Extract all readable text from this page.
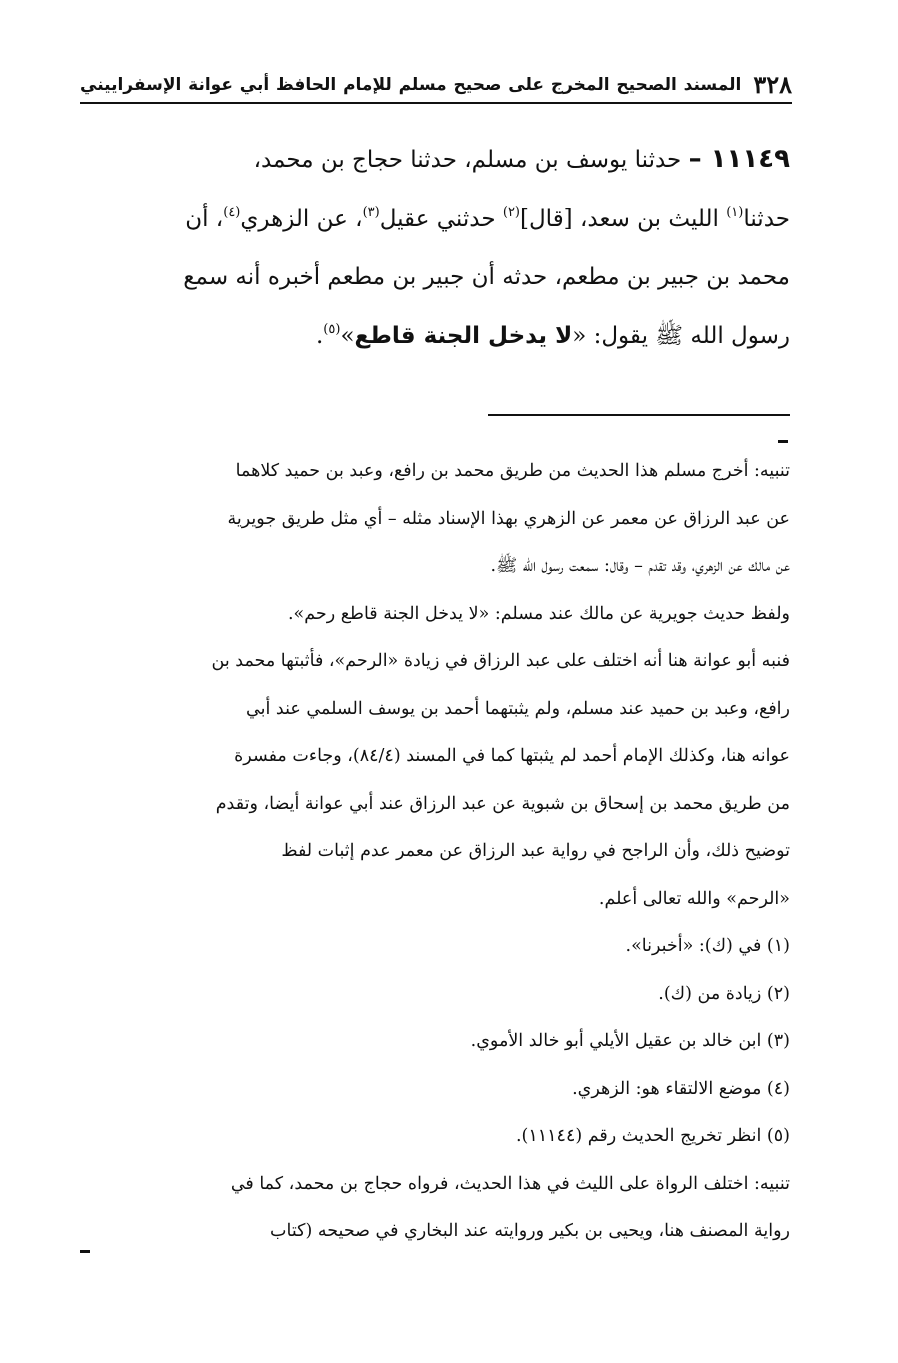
٣٢٨
المسند الصحيح المخرج على صحيح مسلم للإمام الحافظ أبي عوانة الإسفراييني

١١١٤٩ – حدثنا يوسف بن مسلم، حدثنا حجاج بن محمد،

حدثنا$^{(١)}$ الليث بن سعد، [قال]$^{(٢)}$ حدثني عقيل$^{(٣)}$، عن الزهري$^{(٤)}$، أن

محمد بن جبير بن مطعم، حدثه أن جبير بن مطعم أخبره أنه سمع

رسول الله ﷺ يقول: «لا يدخل الجنة قاطع»$^{(٥)}$.

تنبيه: أخرج مسلم هذا الحديث من طريق محمد بن رافع، وعبد بن حميد كلاهما

عن عبد الرزاق عن معمر عن الزهري بهذا الإسناد مثله – أي مثل طريق جويرية

عن مالك عن الزهري، وقد تقدم – وقال: سمعت رسول الله ﷺ.

ولفظ حديث جويرية عن مالك عند مسلم: «لا يدخل الجنة قاطع رحم».

فنبه أبو عوانة هنا أنه اختلف على عبد الرزاق في زيادة «الرحم»، فأثبتها محمد بن

رافع، وعبد بن حميد عند مسلم، ولم يثبتهما أحمد بن يوسف السلمي عند أبي

عوانه هنا، وكذلك الإمام أحمد لم يثبتها كما في المسند (٨٤/٤)، وجاءت مفسرة

من طريق محمد بن إسحاق بن شبوية عن عبد الرزاق عند أبي عوانة أيضا، وتقدم

توضيح ذلك، وأن الراجح في رواية عبد الرزاق عن معمر عدم إثبات لفظ

«الرحم» والله تعالى أعلم.

(١) في (ك): «أخبرنا».

(٢) زيادة من (ك).

(٣) ابن خالد بن عقيل الأيلي أبو خالد الأموي.

(٤) موضع الالتقاء هو: الزهري.

(٥) انظر تخريج الحديث رقم (١١١٤٤).

تنبيه: اختلف الرواة على الليث في هذا الحديث، فرواه حجاج بن محمد، كما في

رواية المصنف هنا، ويحيى بن بكير وروايته عند البخاري في صحيحه (كتاب
